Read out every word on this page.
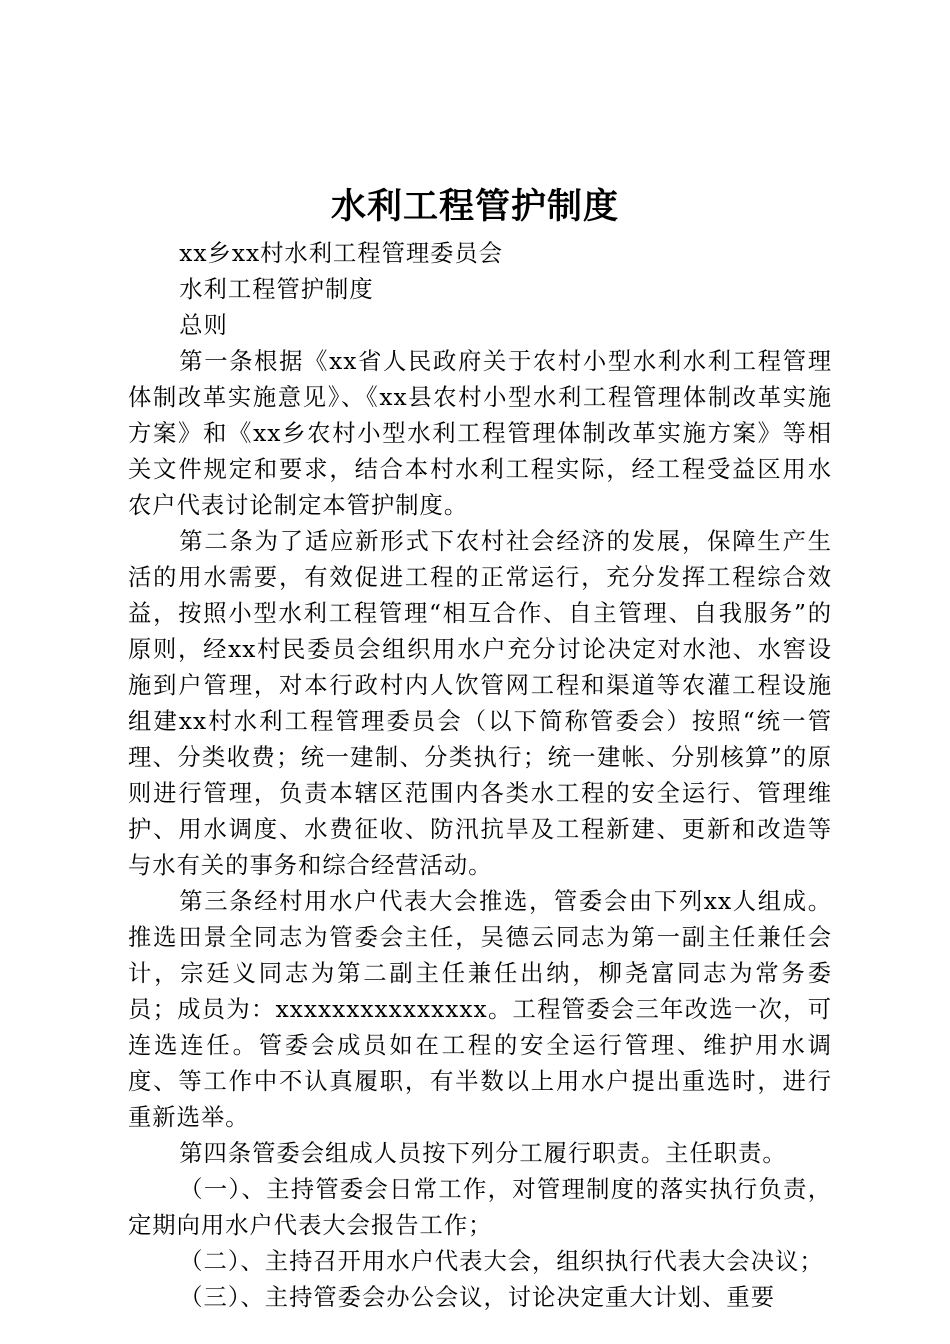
水利工程管护制度

xx乡xx村水利工程管理委员会

水利工程管护制度

总则

第一条根据《xx省人民政府关于农村小型水利水利工程管理体制改革实施意见》、《xx县农村小型水利工程管理体制改革实施方案》和《xx乡农村小型水利工程管理体制改革实施方案》等相关文件规定和要求，结合本村水利工程实际，经工程受益区用水农户代表讨论制定本管护制度。

第二条为了适应新形式下农村社会经济的发展，保障生产生活的用水需要，有效促进工程的正常运行，充分发挥工程综合效益，按照小型水利工程管理“相互合作、自主管理、自我服务”的原则，经xx村民委员会组织用水户充分讨论决定对水池、水窖设施到户管理，对本行政村内人饮管网工程和渠道等农灌工程设施组建xx村水利工程管理委员会（以下简称管委会）按照“统一管理、分类收费；统一建制、分类执行；统一建帐、分别核算”的原则进行管理，负责本辖区范围内各类水工程的安全运行、管理维护、用水调度、水费征收、防汛抗旱及工程新建、更新和改造等与水有关的事务和综合经营活动。

第三条经村用水户代表大会推选，管委会由下列xx人组成。推选田景全同志为管委会主任，吴德云同志为第一副主任兼任会计，宗廷义同志为第二副主任兼任出纳，柳尧富同志为常务委员；成员为：xxxxxxxxxxxxxxx。工程管委会三年改选一次，可连选连任。管委会成员如在工程的安全运行管理、维护用水调度、等工作中不认真履职，有半数以上用水户提出重选时，进行重新选举。

第四条管委会组成人员按下列分工履行职责。主任职责。

（一）、主持管委会日常工作，对管理制度的落实执行负责，定期向用水户代表大会报告工作；

（二）、主持召开用水户代表大会，组织执行代表大会决议；

（三）、主持管委会办公会议，讨论决定重大计划、重要
